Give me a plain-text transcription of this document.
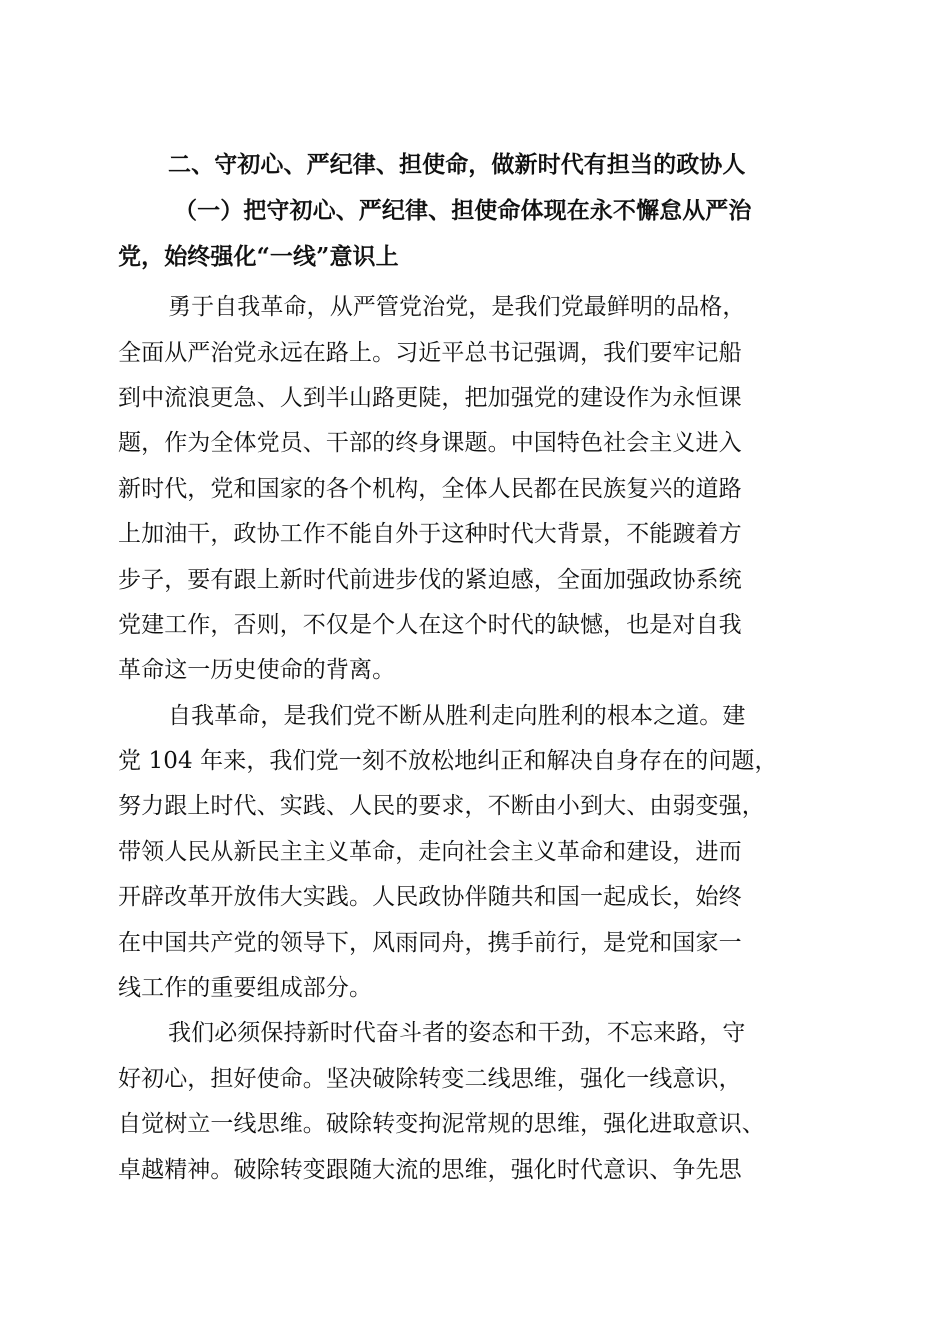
二、守初心、严纪律、担使命，做新时代有担当的政协人
（一）把守初心、严纪律、担使命体现在永不懈怠从严治
党，始终强化“一线”意识上
勇于自我革命，从严管党治党，是我们党最鲜明的品格，
全面从严治党永远在路上。习近平总书记强调，我们要牢记船
到中流浪更急、人到半山路更陡，把加强党的建设作为永恒课
题，作为全体党员、干部的终身课题。中国特色社会主义进入
新时代，党和国家的各个机构，全体人民都在民族复兴的道路
上加油干，政协工作不能自外于这种时代大背景，不能踱着方
步子，要有跟上新时代前进步伐的紧迫感，全面加强政协系统
党建工作，否则，不仅是个人在这个时代的缺憾，也是对自我
革命这一历史使命的背离。
自我革命，是我们党不断从胜利走向胜利的根本之道。建
党 104 年来，我们党一刻不放松地纠正和解决自身存在的问题，
努力跟上时代、实践、人民的要求，不断由小到大、由弱变强，
带领人民从新民主主义革命，走向社会主义革命和建设，进而
开辟改革开放伟大实践。人民政协伴随共和国一起成长，始终
在中国共产党的领导下，风雨同舟，携手前行，是党和国家一
线工作的重要组成部分。
我们必须保持新时代奋斗者的姿态和干劲，不忘来路，守
好初心，担好使命。坚决破除转变二线思维，强化一线意识，
自觉树立一线思维。破除转变拘泥常规的思维，强化进取意识、
卓越精神。破除转变跟随大流的思维，强化时代意识、争先思
